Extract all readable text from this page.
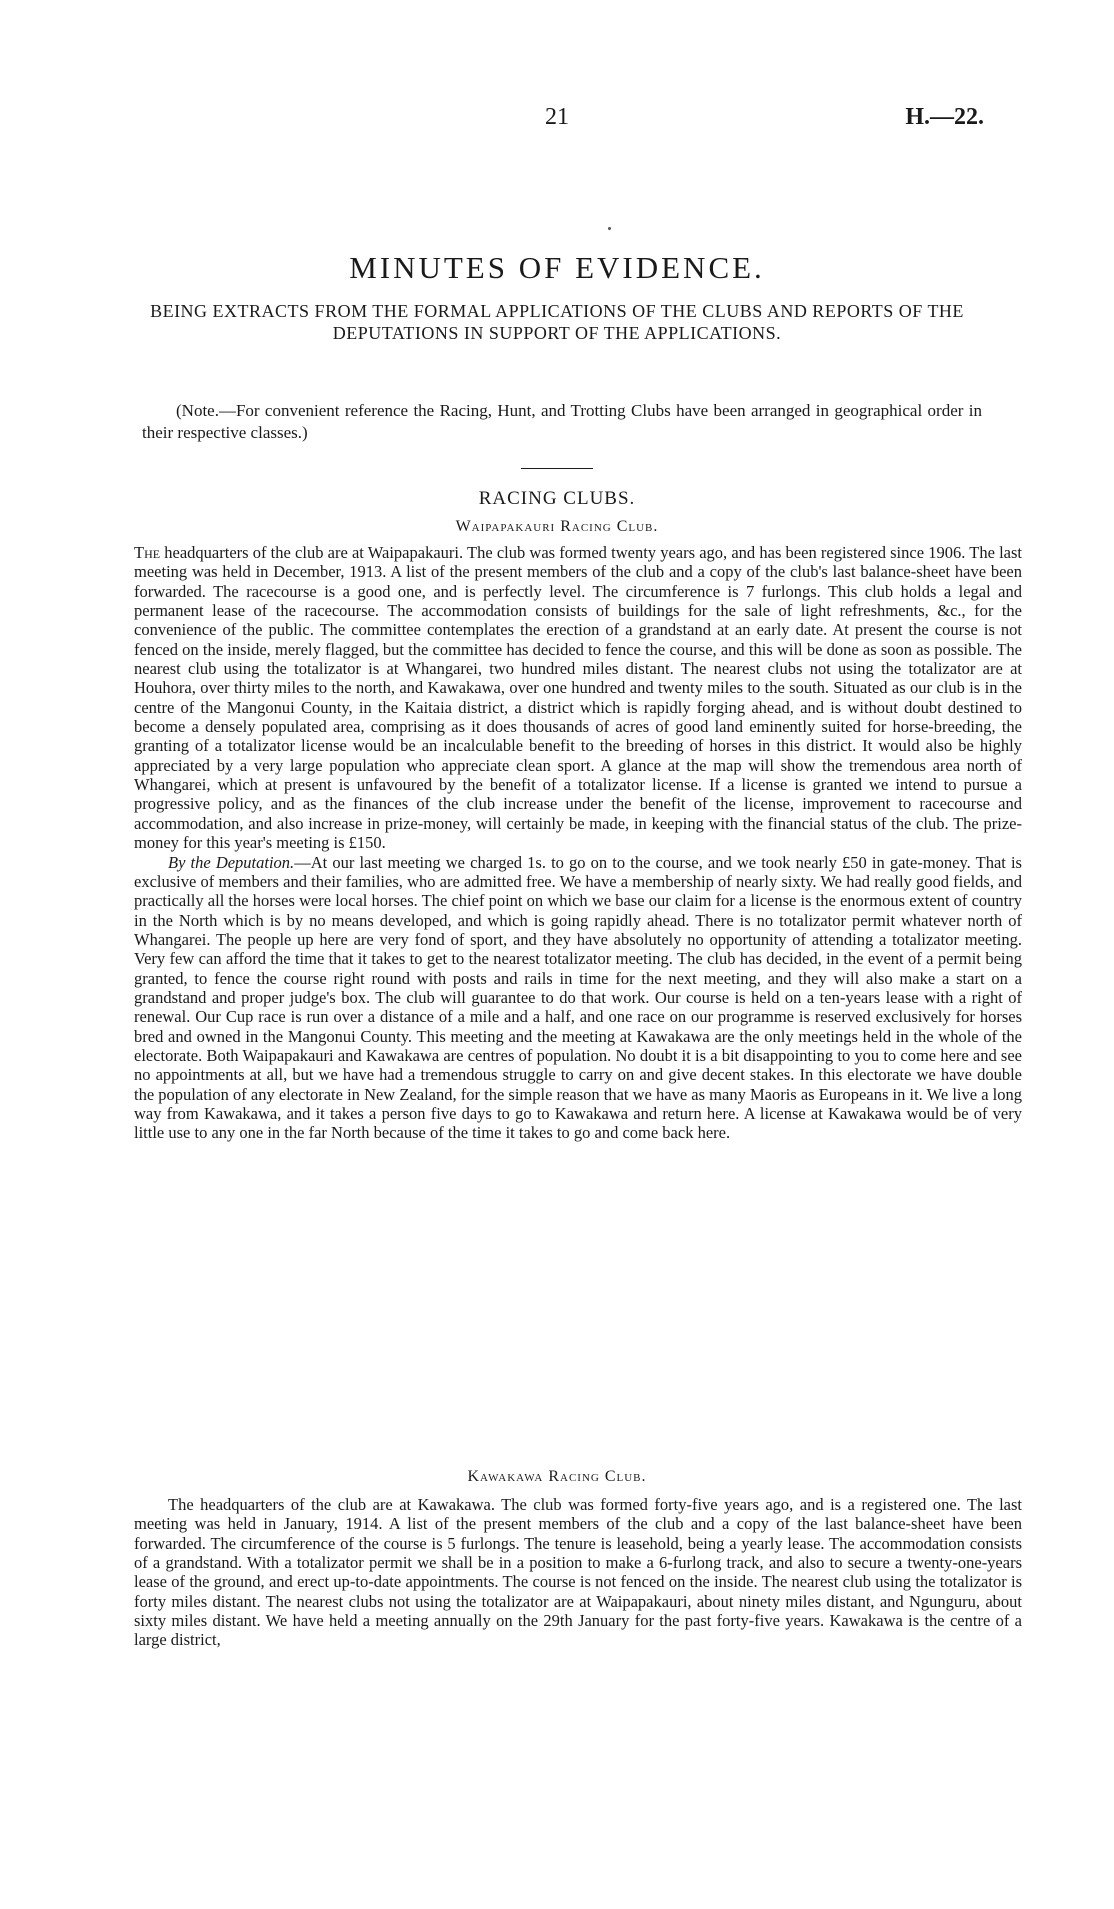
21	H.—22.
MINUTES OF EVIDENCE.
BEING EXTRACTS FROM THE FORMAL APPLICATIONS OF THE CLUBS AND REPORTS OF THE DEPUTATIONS IN SUPPORT OF THE APPLICATIONS.

(Note.—For convenient reference the Racing, Hunt, and Trotting Clubs have been arranged in geographical order in their respective classes.)

RACING CLUBS.
Waipapakauri Racing Club.

The headquarters of the club are at Waipapakauri. The club was formed twenty years ago, and has been registered since 1906. The last meeting was held in December, 1913. A list of the present members of the club and a copy of the club's last balance-sheet have been forwarded. The racecourse is a good one, and is perfectly level. The circumference is 7 furlongs. This club holds a legal and permanent lease of the racecourse. The accommodation consists of buildings for the sale of light refreshments, &c., for the convenience of the public. The committee contemplates the erection of a grandstand at an early date. At present the course is not fenced on the inside, merely flagged, but the committee has decided to fence the course, and this will be done as soon as possible. The nearest club using the totalizator is at Whangarei, two hundred miles distant. The nearest clubs not using the totalizator are at Houhora, over thirty miles to the north, and Kawakawa, over one hundred and twenty miles to the south. Situated as our club is in the centre of the Mangonui County, in the Kaitaia district, a district which is rapidly forging ahead, and is without doubt destined to become a densely populated area, comprising as it does thousands of acres of good land eminently suited for horse-breeding, the granting of a totalizator license would be an incalculable benefit to the breeding of horses in this district. It would also be highly appreciated by a very large population who appreciate clean sport. A glance at the map will show the tremendous area north of Whangarei, which at present is unfavoured by the benefit of a totalizator license. If a license is granted we intend to pursue a progressive policy, and as the finances of the club increase under the benefit of the license, improvement to racecourse and accommodation, and also increase in prize-money, will certainly be made, in keeping with the financial status of the club. The prize-money for this year's meeting is £150.

By the Deputation.—At our last meeting we charged 1s. to go on to the course, and we took nearly £50 in gate-money. That is exclusive of members and their families, who are admitted free. We have a membership of nearly sixty. We had really good fields, and practically all the horses were local horses. The chief point on which we base our claim for a license is the enormous extent of country in the North which is by no means developed, and which is going rapidly ahead. There is no totalizator permit whatever north of Whangarei. The people up here are very fond of sport, and they have absolutely no opportunity of attending a totalizator meeting. Very few can afford the time that it takes to get to the nearest totalizator meeting. The club has decided, in the event of a permit being granted, to fence the course right round with posts and rails in time for the next meeting, and they will also make a start on a grandstand and proper judge's box. The club will guarantee to do that work. Our course is held on a ten-years lease with a right of renewal. Our Cup race is run over a distance of a mile and a half, and one race on our programme is reserved exclusively for horses bred and owned in the Mangonui County. This meeting and the meeting at Kawakawa are the only meetings held in the whole of the electorate. Both Waipapakauri and Kawakawa are centres of population. No doubt it is a bit disappointing to you to come here and see no appointments at all, but we have had a tremendous struggle to carry on and give decent stakes. In this electorate we have double the population of any electorate in New Zealand, for the simple reason that we have as many Maoris as Europeans in it. We live a long way from Kawakawa, and it takes a person five days to go to Kawakawa and return here. A license at Kawakawa would be of very little use to any one in the far North because of the time it takes to go and come back here.

Kawakawa Racing Club.

The headquarters of the club are at Kawakawa. The club was formed forty-five years ago, and is a registered one. The last meeting was held in January, 1914. A list of the present members of the club and a copy of the last balance-sheet have been forwarded. The circumference of the course is 5 furlongs. The tenure is leasehold, being a yearly lease. The accommodation consists of a grandstand. With a totalizator permit we shall be in a position to make a 6-furlong track, and also to secure a twenty-one-years lease of the ground, and erect up-to-date appointments. The course is not fenced on the inside. The nearest club using the totalizator is forty miles distant. The nearest clubs not using the totalizator are at Waipapakauri, about ninety miles distant, and Ngunguru, about sixty miles distant. We have held a meeting annually on the 29th January for the past forty-five years. Kawakawa is the centre of a large district,
